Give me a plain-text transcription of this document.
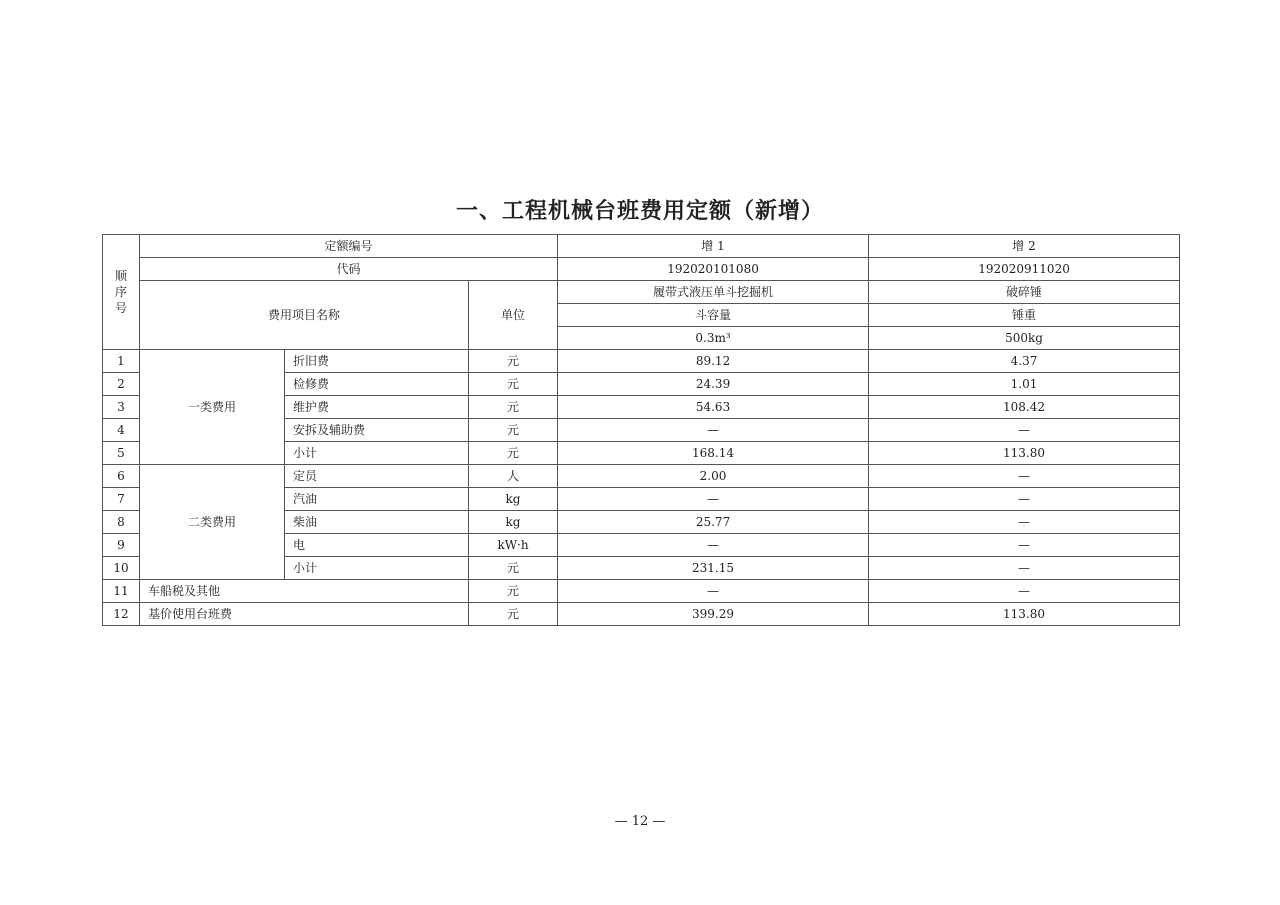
一、工程机械台班费用定额（新增）
顺序号	定额编号			增 1	增 2
	代码			192020101080	192020911020
	费用项目名称		单位	履带式液压单斗挖掘机	破碎锤
				斗容量	锤重
				0.3m³	500kg
1	一类费用	折旧费	元	89.12	4.37
2		检修费	元	24.39	1.01
3		维护费	元	54.63	108.42
4		安拆及辅助费	元	—	—
5		小计	元	168.14	113.80
6	二类费用	定员	人	2.00	—
7		汽油	kg	—	—
8		柴油	kg	25.77	—
9		电	kW·h	—	—
10		小计	元	231.15	—
11	车船税及其他		元	—	—
12	基价使用台班费		元	399.29	113.80
— 12 —
